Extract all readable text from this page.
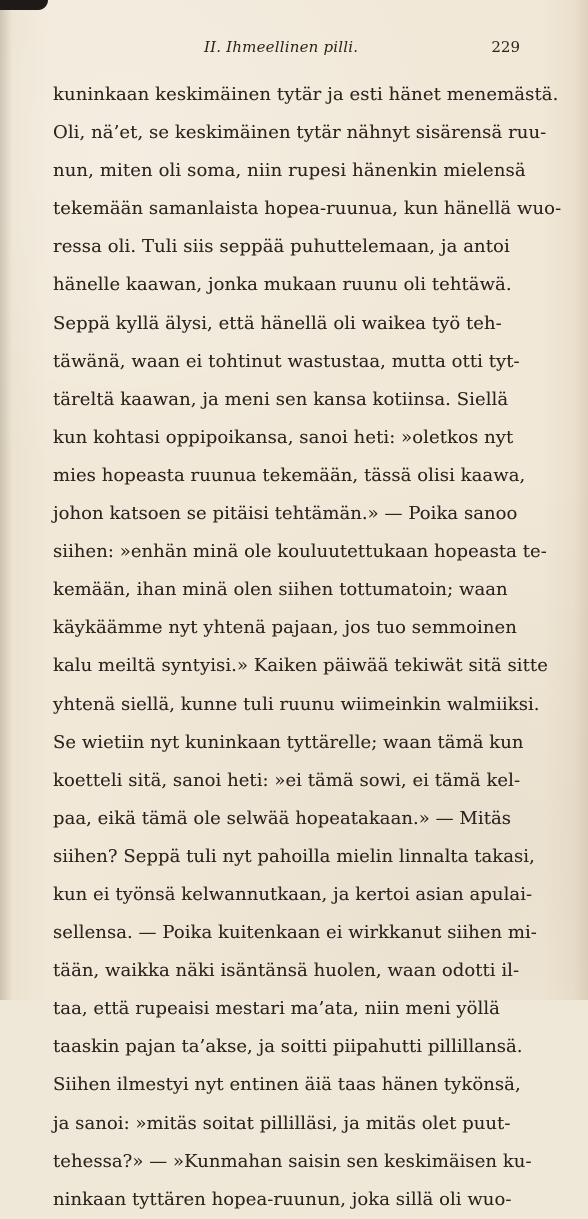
II. Ihmeellinen pilli.	229
kuninkaan keskimäinen tytär ja esti hänet menemästä.
Oli, nä’et, se keskimäinen tytär nähnyt sisärensä ruu-
nun, miten oli soma, niin rupesi hänenkin mielensä
tekemään samanlaista hopea-ruunua, kun hänellä wuo-
ressa oli. Tuli siis seppää puhuttelemaan, ja antoi
hänelle kaawan, jonka mukaan ruunu oli tehtäwä.
Seppä kyllä älysi, että hänellä oli waikea työ teh-
täwänä, waan ei tohtinut wastustaa, mutta otti tyt-
täreltä kaawan, ja meni sen kansa kotiinsa. Siellä
kun kohtasi oppipoikansa, sanoi heti: »oletkos nyt
mies hopeasta ruunua tekemään, tässä olisi kaawa,
johon katsoen se pitäisi tehtämän.» — Poika sanoo
siihen: »enhän minä ole kouluutettukaan hopeasta te-
kemään, ihan minä olen siihen tottumatoin; waan
käykäämme nyt yhtenä pajaan, jos tuo semmoinen
kalu meiltä syntyisi.» Kaiken päiwää tekiwät sitä sitte
yhtenä siellä, kunne tuli ruunu wiimeinkin walmiiksi.
Se wietiin nyt kuninkaan tyttärelle; waan tämä kun
koetteli sitä, sanoi heti: »ei tämä sowi, ei tämä kel-
paa, eikä tämä ole selwää hopeatakaan.» — Mitäs
siihen? Seppä tuli nyt pahoilla mielin linnalta takasi,
kun ei työnsä kelwannutkaan, ja kertoi asian apulai-
sellensa. — Poika kuitenkaan ei wirkkanut siihen mi-
tään, waikka näki isäntänsä huolen, waan odotti il-
taa, että rupeaisi mestari ma’ata, niin meni yöllä
taaskin pajan ta’akse, ja soitti piipahutti pillillansä.
Siihen ilmestyi nyt entinen äiä taas hänen tykönsä,
ja sanoi: »mitäs soitat pillilläsi, ja mitäs olet puut-
tehessa?» — »Kunmahan saisin sen keskimäisen ku-
ninkaan tyttären hopea-ruunun, joka sillä oli wuo-
